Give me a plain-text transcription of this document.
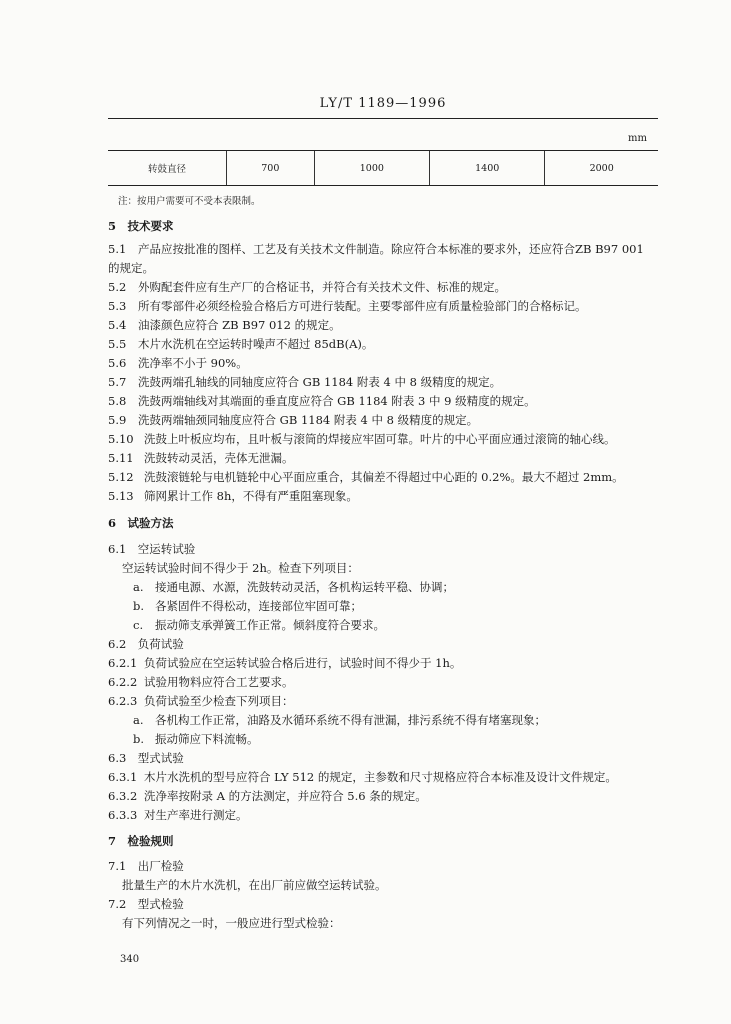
LY/T 1189—1996
mm
转鼓直径	700	1000	1400	2000
注：按用户需要可不受本表限制。
5　技术要求
5.1 产品应按批准的图样、工艺及有关技术文件制造。除应符合本标准的要求外，还应符合ZB B97 001
的规定。
5.2 外购配套件应有生产厂的合格证书，并符合有关技术文件、标准的规定。
5.3 所有零部件必须经检验合格后方可进行装配。主要零部件应有质量检验部门的合格标记。
5.4 油漆颜色应符合 ZB B97 012 的规定。
5.5 木片水洗机在空运转时噪声不超过 85dB(A)。
5.6 洗净率不小于 90%。
5.7 洗鼓两端孔轴线的同轴度应符合 GB 1184 附表 4 中 8 级精度的规定。
5.8 洗鼓两端轴线对其端面的垂直度应符合 GB 1184 附表 3 中 9 级精度的规定。
5.9 洗鼓两端轴颈同轴度应符合 GB 1184 附表 4 中 8 级精度的规定。
5.10 洗鼓上叶板应均布，且叶板与滚筒的焊接应牢固可靠。叶片的中心平面应通过滚筒的轴心线。
5.11 洗鼓转动灵活，壳体无泄漏。
5.12 洗鼓滚链轮与电机链轮中心平面应重合，其偏差不得超过中心距的 0.2%。最大不超过 2mm。
5.13 筛网累计工作 8h，不得有严重阻塞现象。
6　试验方法
6.1　空运转试验
空运转试验时间不得少于 2h。检查下列项目：
a. 接通电源、水源，洗鼓转动灵活，各机构运转平稳、协调；
b. 各紧固件不得松动，连接部位牢固可靠；
c. 振动筛支承弹簧工作正常。倾斜度符合要求。
6.2　负荷试验
6.2.1 负荷试验应在空运转试验合格后进行，试验时间不得少于 1h。
6.2.2 试验用物料应符合工艺要求。
6.2.3 负荷试验至少检查下列项目：
a. 各机构工作正常，油路及水循环系统不得有泄漏，排污系统不得有堵塞现象；
b. 振动筛应下料流畅。
6.3　型式试验
6.3.1 木片水洗机的型号应符合 LY 512 的规定，主参数和尺寸规格应符合本标准及设计文件规定。
6.3.2 洗净率按附录 A 的方法测定，并应符合 5.6 条的规定。
6.3.3 对生产率进行测定。
7　检验规则
7.1　出厂检验
批量生产的木片水洗机，在出厂前应做空运转试验。
7.2　型式检验
有下列情况之一时，一般应进行型式检验：
340
